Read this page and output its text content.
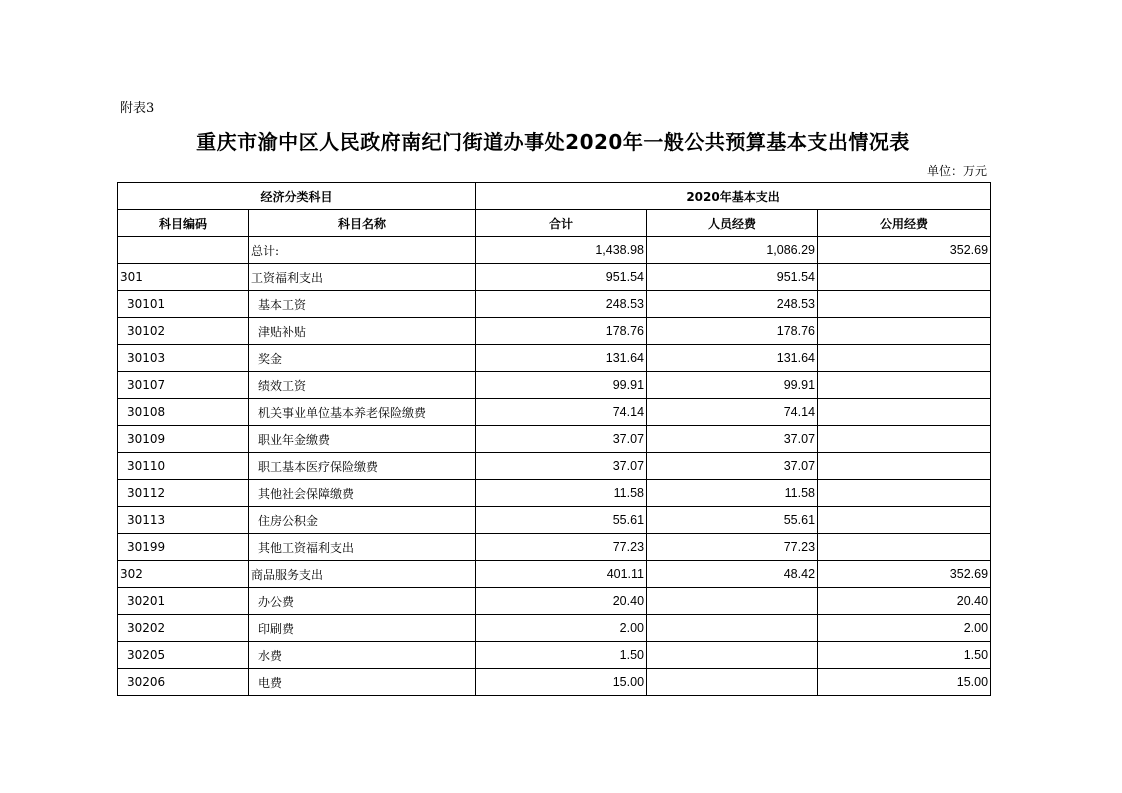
附表3
重庆市渝中区人民政府南纪门街道办事处2020年一般公共预算基本支出情况表
单位：万元
经济分类科目		2020年基本支出		
科目编码	科目名称	合计	人员经费	公用经费
	总计:	1,438.98	1,086.29	352.69
301	工资福利支出	951.54	951.54	
30101	基本工资	248.53	248.53	
30102	津贴补贴	178.76	178.76	
30103	奖金	131.64	131.64	
30107	绩效工资	99.91	99.91	
30108	机关事业单位基本养老保险缴费	74.14	74.14	
30109	职业年金缴费	37.07	37.07	
30110	职工基本医疗保险缴费	37.07	37.07	
30112	其他社会保障缴费	11.58	11.58	
30113	住房公积金	55.61	55.61	
30199	其他工资福利支出	77.23	77.23	
302	商品服务支出	401.11	48.42	352.69
30201	办公费	20.40		20.40
30202	印刷费	2.00		2.00
30205	水费	1.50		1.50
30206	电费	15.00		15.00
